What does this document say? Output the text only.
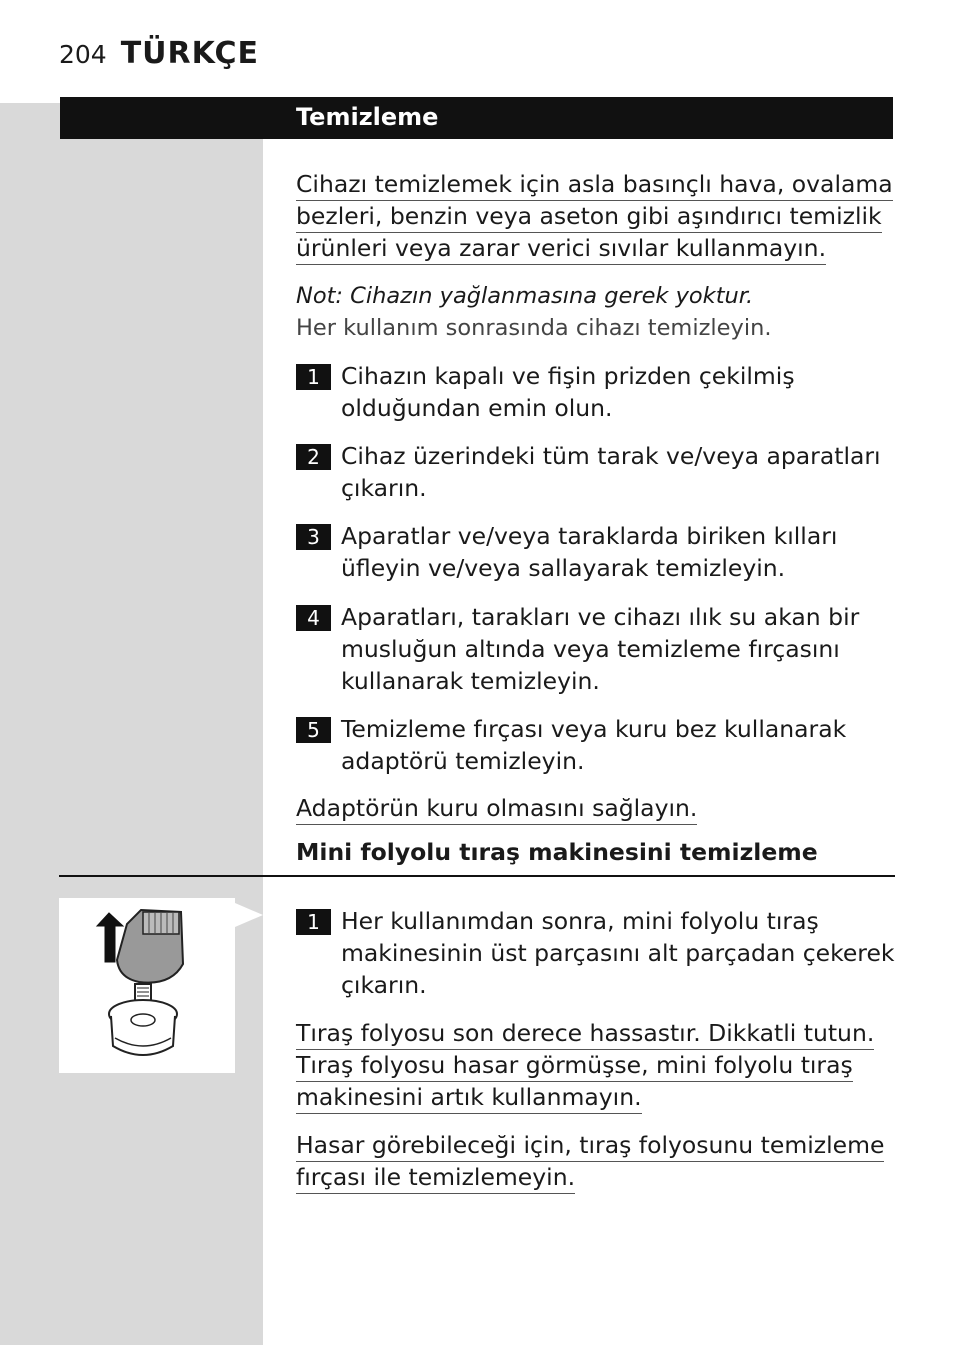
204 TÜRKÇE
Temizleme
Cihazı temizlemek için asla basınçlı hava, ovalama
bezleri, benzin veya aseton gibi aşındırıcı temizlik
ürünleri veya zarar verici sıvılar kullanmayın.

Not: Cihazın yağlanmasına gerek yoktur.

Her kullanım sonrasında cihazı temizleyin.

1 Cihazın kapalı ve fişin prizden çekilmiş olduğundan emin olun.

2 Cihaz üzerindeki tüm tarak ve/veya aparatları çıkarın.

3 Aparatlar ve/veya taraklarda biriken kılları üfleyin ve/veya sallayarak temizleyin.

4 Aparatları, tarakları ve cihazı ılık su akan bir musluğun altında veya temizleme fırçasını kullanarak temizleyin.

5 Temizleme fırçası veya kuru bez kullanarak adaptörü temizleyin.

Adaptörün kuru olmasını sağlayın.
Mini folyolu tıraş makinesini temizleme
1 Her kullanımdan sonra, mini folyolu tıraş makinesinin üst parçasını alt parçadan çekerek çıkarın.

Tıraş folyosu son derece hassastır. Dikkatli tutun.
Tıraş folyosu hasar görmüşse, mini folyolu tıraş
makinesini artık kullanmayın.
Hasar görebileceği için, tıraş folyosunu temizleme
fırçası ile temizlemeyin.
